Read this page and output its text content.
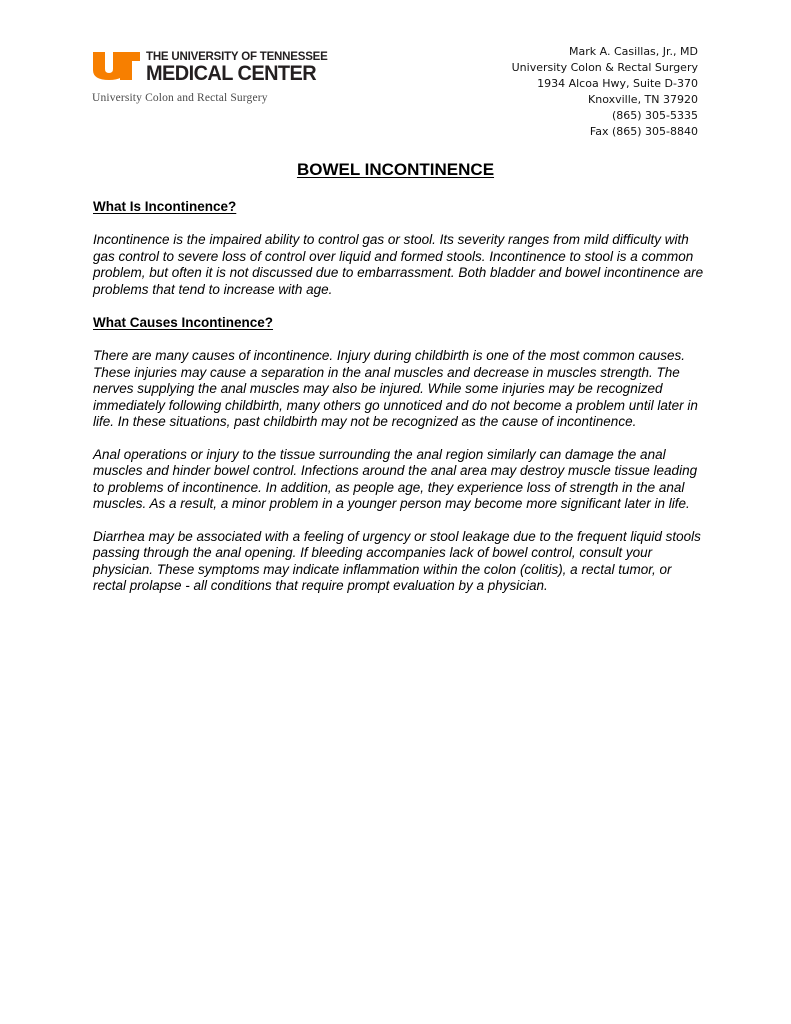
THE UNIVERSITY OF TENNESSEE
MEDICAL CENTER
University Colon and Rectal Surgery
Mark A. Casillas, Jr., MD
University Colon & Rectal Surgery
1934 Alcoa Hwy, Suite D-370
Knoxville, TN 37920
(865) 305-5335
Fax (865) 305-8840
BOWEL INCONTINENCE
What Is Incontinence?

Incontinence is the impaired ability to control gas or stool. Its severity ranges from mild difficulty with gas control to severe loss of control over liquid and formed stools. Incontinence to stool is a common problem, but often it is not discussed due to embarrassment. Both bladder and bowel incontinence are problems that tend to increase with age.

What Causes Incontinence?

There are many causes of incontinence. Injury during childbirth is one of the most common causes. These injuries may cause a separation in the anal muscles and decrease in muscles strength. The nerves supplying the anal muscles may also be injured. While some injuries may be recognized immediately following childbirth, many others go unnoticed and do not become a problem until later in life. In these situations, past childbirth may not be recognized as the cause of incontinence.

Anal operations or injury to the tissue surrounding the anal region similarly can damage the anal muscles and hinder bowel control. Infections around the anal area may destroy muscle tissue leading to problems of incontinence. In addition, as people age, they experience loss of strength in the anal muscles. As a result, a minor problem in a younger person may become more significant later in life.

Diarrhea may be associated with a feeling of urgency or stool leakage due to the frequent liquid stools passing through the anal opening. If bleeding accompanies lack of bowel control, consult your physician. These symptoms may indicate inflammation within the colon (colitis), a rectal tumor, or rectal prolapse - all conditions that require prompt evaluation by a physician.
